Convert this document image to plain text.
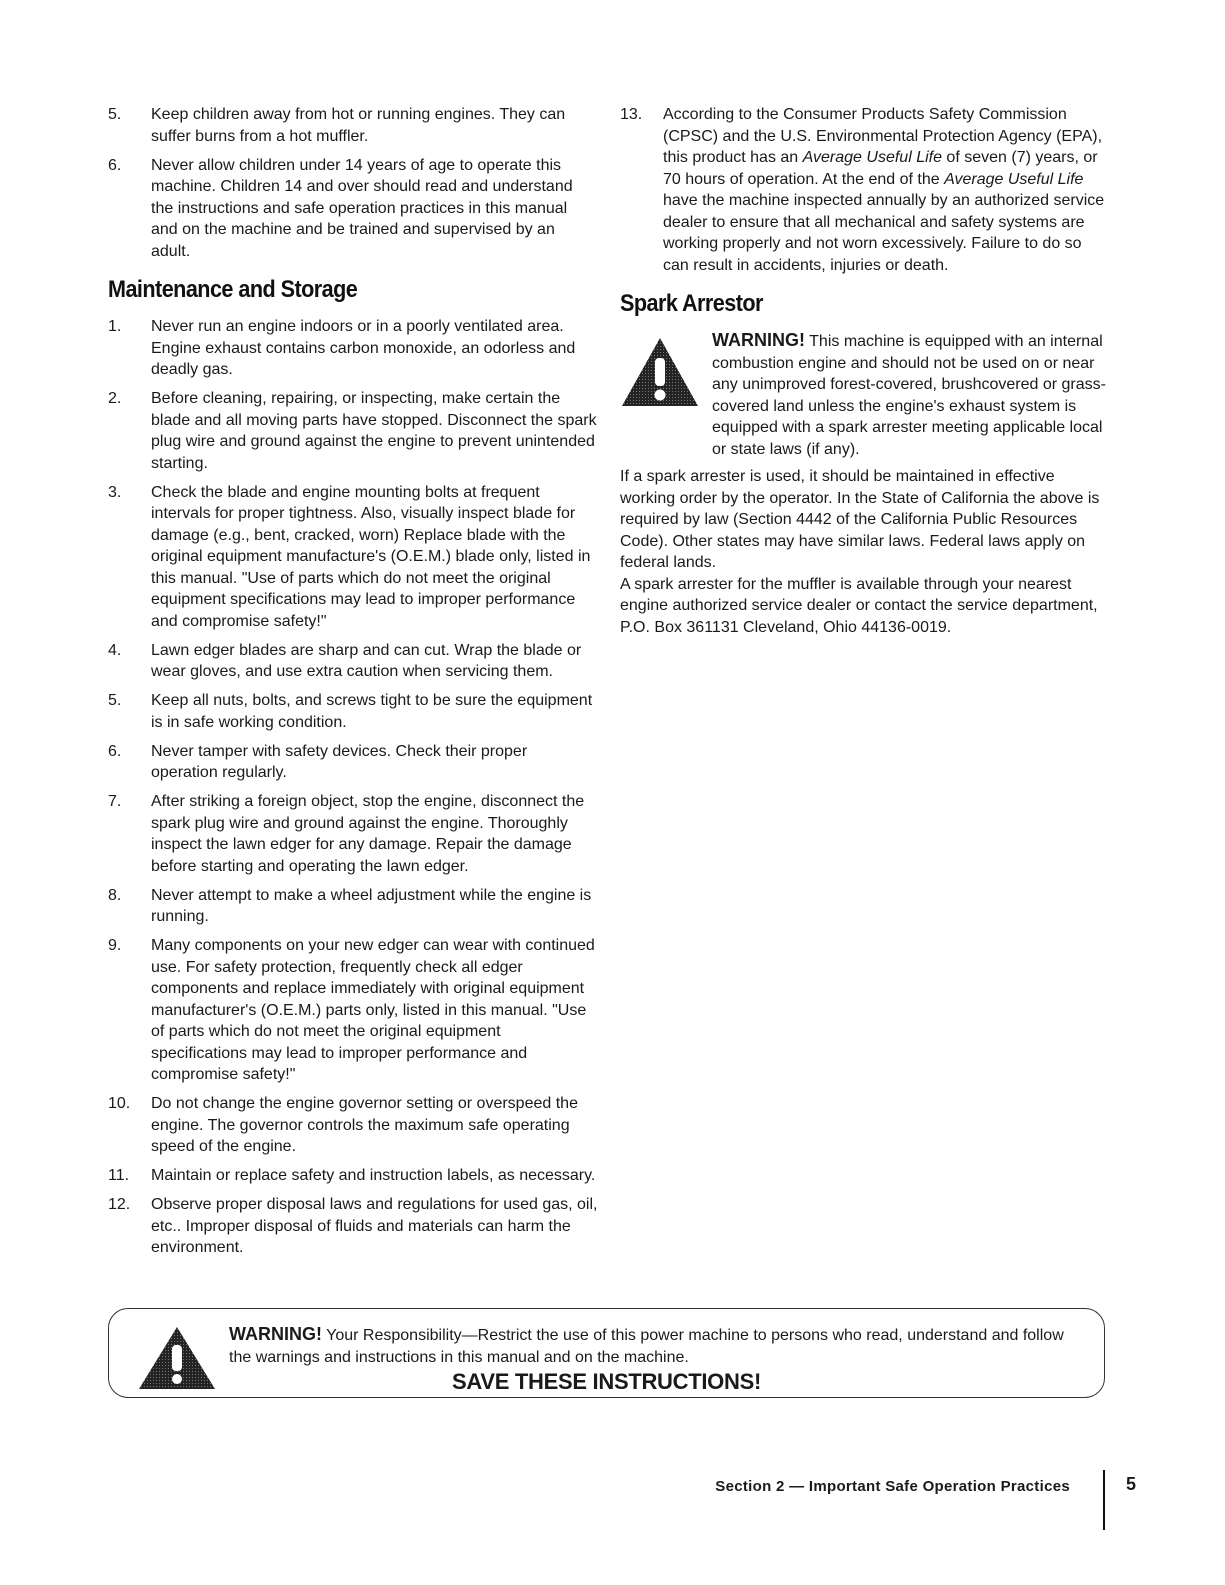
5.	Keep children away from hot or running engines. They can suffer burns from a hot muffler.
6.	Never allow children under 14 years of age to operate this machine. Children 14 and over should read and understand the instructions and safe operation practices in this manual and on the machine and be trained and supervised by an adult.
Maintenance and Storage
1.	Never run an engine indoors or in a poorly ventilated area. Engine exhaust contains carbon monoxide, an odorless and deadly gas.
2.	Before cleaning, repairing, or inspecting, make certain the blade and all moving parts have stopped. Disconnect the spark plug wire and ground against the engine to prevent unintended starting.
3.	Check the blade and engine mounting bolts at frequent intervals for proper tightness. Also, visually inspect blade for damage (e.g., bent, cracked, worn) Replace blade with the original equipment manufacture's (O.E.M.) blade only, listed in this manual. "Use of parts which do not meet the original equipment specifications may lead to improper performance and compromise safety!"
4.	Lawn edger blades are sharp and can cut. Wrap the blade or wear gloves, and use extra caution when servicing them.
5.	Keep all nuts, bolts, and screws tight to be sure the equipment is in safe working condition.
6.	Never tamper with safety devices. Check their proper operation regularly.
7.	After striking a foreign object, stop the engine, disconnect the spark plug wire and ground against the engine. Thoroughly inspect the lawn edger for any damage. Repair the damage before starting and operating the lawn edger.
8.	Never attempt to make a wheel adjustment while the engine is running.
9.	Many components on your new edger can wear with continued use. For safety protection, frequently check all edger components and replace immediately with original equipment manufacturer's (O.E.M.) parts only, listed in this manual. "Use of parts which do not meet the original equipment specifications may lead to improper performance and compromise safety!"
10.	Do not change the engine governor setting or overspeed the engine. The governor controls the maximum safe operating speed of the engine.
11.	Maintain or replace safety and instruction labels, as necessary.
12.	Observe proper disposal laws and regulations for used gas, oil, etc.. Improper disposal of fluids and materials can harm the environment.
13.	According to the Consumer Products Safety Commission (CPSC) and the U.S. Environmental Protection Agency (EPA), this product has an Average Useful Life of seven (7) years, or 70 hours of operation. At the end of the Average Useful Life have the machine inspected annually by an authorized service dealer to ensure that all mechanical and safety systems are working properly and not worn excessively. Failure to do so can result in accidents, injuries or death.
Spark Arrestor
WARNING! This machine is equipped with an internal combustion engine and should not be used on or near any unimproved forest-covered, brushcovered or grass-covered land unless the engine's exhaust system is equipped with a spark arrester meeting applicable local or state laws (if any).

If a spark arrester is used, it should be maintained in effective working order by the operator. In the State of California the above is required by law (Section 4442 of the California Public Resources Code). Other states may have similar laws. Federal laws apply on federal lands.

A spark arrester for the muffler is available through your nearest engine authorized service dealer or contact the service department, P.O. Box 361131 Cleveland, Ohio 44136-0019.

WARNING! Your Responsibility—Restrict the use of this power machine to persons who read, understand and follow the warnings and instructions in this manual and on the machine.
SAVE THESE INSTRUCTIONS!
Section 2 — Important Safe Operation Practices	5
